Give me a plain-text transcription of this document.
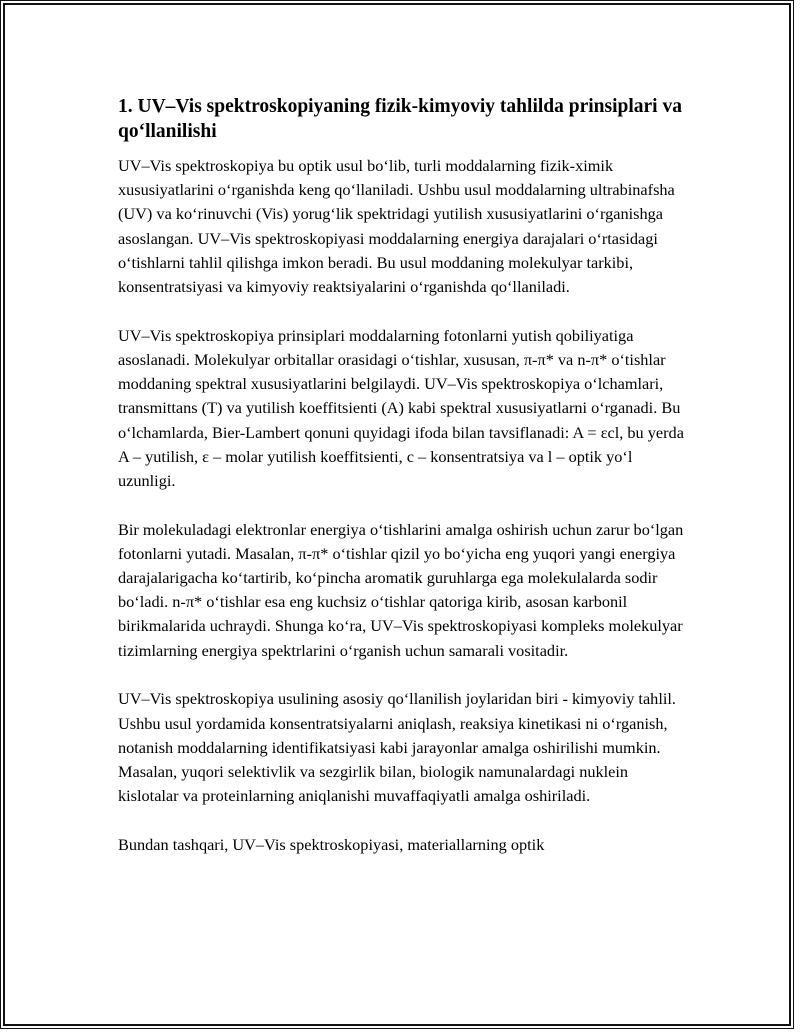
1. UV–Vis spektroskopiyaning fizik-kimyoviy tahlilda prinsiplari va qo‘llanilishi

UV–Vis spektroskopiya bu optik usul bo‘lib, turli moddalarning fizik-ximik xususiyatlarini o‘rganishda keng qo‘llaniladi. Ushbu usul moddalarning ultrabinafsha (UV) va ko‘rinuvchi (Vis) yorug‘lik spektridagi yutilish xususiyatlarini o‘rganishga asoslangan. UV–Vis spektroskopiyasi moddalarning energiya darajalari o‘rtasidagi o‘tishlarni tahlil qilishga imkon beradi. Bu usul moddaning molekulyar tarkibi, konsentratsiyasi va kimyoviy reaktsiyalarini o‘rganishda qo‘llaniladi.

UV–Vis spektroskopiya prinsiplari moddalarning fotonlarni yutish qobiliyatiga asoslanadi. Molekulyar orbitallar orasidagi o‘tishlar, xususan, π-π* va n-π* o‘tishlar moddaning spektral xususiyatlarini belgilaydi. UV–Vis spektroskopiya o‘lchamlari, transmittans (T) va yutilish koeffitsienti (A) kabi spektral xususiyatlarni o‘rganadi. Bu o‘lchamlarda, Bier-Lambert qonuni quyidagi ifoda bilan tavsiflanadi: A = εcl, bu yerda A – yutilish, ε – molar yutilish koeffitsienti, c – konsentratsiya va l – optik yo‘l uzunligi.

Bir molekuladagi elektronlar energiya o‘tishlarini amalga oshirish uchun zarur bo‘lgan fotonlarni yutadi. Masalan, π-π* o‘tishlar qizil yo bo‘yicha eng yuqori yangi energiya darajalarigacha ko‘tartirib, ko‘pincha aromatik guruhlarga ega molekulalarda sodir bo‘ladi. n-π* o‘tishlar esa eng kuchsiz o‘tishlar qatoriga kirib, asosan karbonil birikmalarida uchraydi. Shunga ko‘ra, UV–Vis spektroskopiyasi kompleks molekulyar tizimlarning energiya spektrlarini o‘rganish uchun samarali vositadir.

UV–Vis spektroskopiya usulining asosiy qo‘llanilish joylaridan biri - kimyoviy tahlil. Ushbu usul yordamida konsentratsiyalarni aniqlash, reaksiya kinetikasi ni o‘rganish, notanish moddalarning identifikatsiyasi kabi jarayonlar amalga oshirilishi mumkin. Masalan, yuqori selektivlik va sezgirlik bilan, biologik namunalardagi nuklein kislotalar va proteinlarning aniqlanishi muvaffaqiyatli amalga oshiriladi.

Bundan tashqari, UV–Vis spektroskopiyasi, materiallarning optik
